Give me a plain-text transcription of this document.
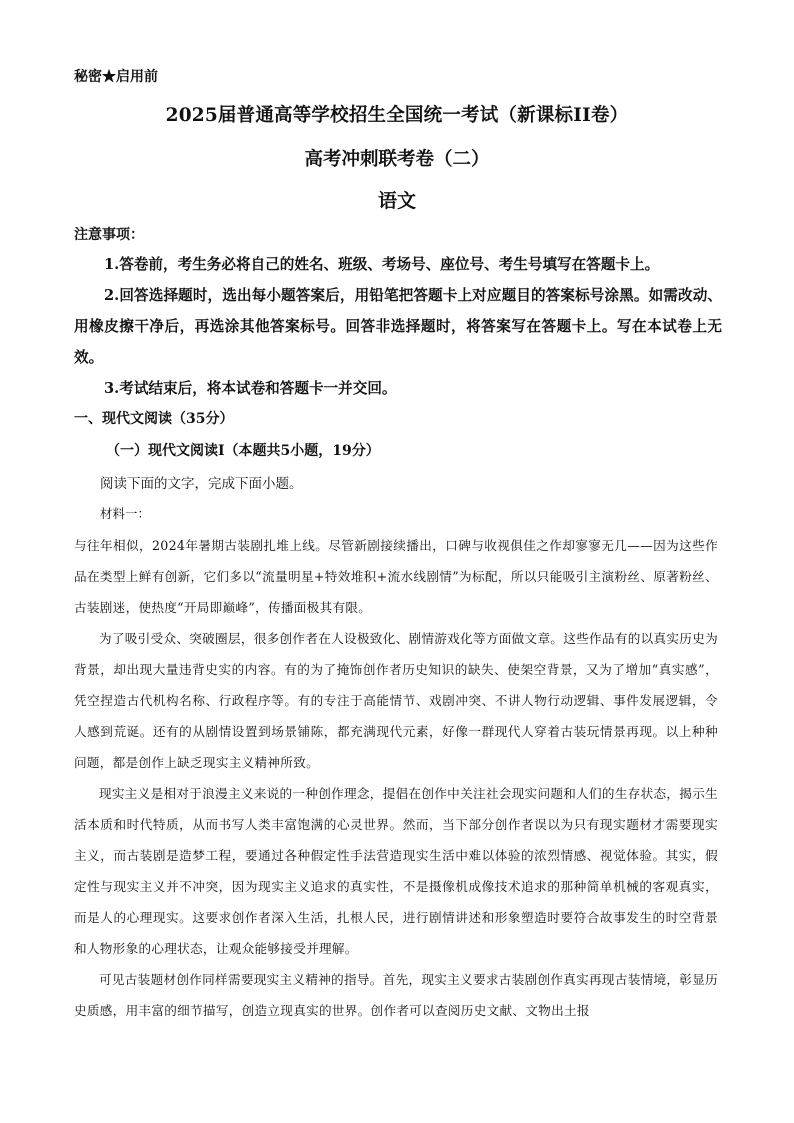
秘密★启用前
2025届普通高等学校招生全国统一考试（新课标II卷）
高考冲刺联考卷（二）
语文
注意事项：
1.答卷前，考生务必将自己的姓名、班级、考场号、座位号、考生号填写在答题卡上。
2.回答选择题时，选出每小题答案后，用铅笔把答题卡上对应题目的答案标号涂黑。如需改动、用橡皮擦干净后，再选涂其他答案标号。回答非选择题时，将答案写在答题卡上。写在本试卷上无效。
3.考试结束后，将本试卷和答题卡一并交回。
一、现代文阅读（35分）
（一）现代文阅读Ⅰ（本题共5小题，19分）
阅读下面的文字，完成下面小题。
材料一：
与往年相似，2024年暑期古装剧扎堆上线。尽管新剧接续播出，口碑与收视俱佳之作却寥寥无几——因为这些作品在类型上鲜有创新，它们多以“流量明星+特效堆积+流水线剧情”为标配，所以只能吸引主演粉丝、原著粉丝、古装剧迷，使热度“开局即巅峰”，传播面极其有限。
为了吸引受众、突破圈层，很多创作者在人设极致化、剧情游戏化等方面做文章。这些作品有的以真实历史为背景，却出现大量违背史实的内容。有的为了掩饰创作者历史知识的缺失、使架空背景，又为了增加“真实感”，凭空捏造古代机构名称、行政程序等。有的专注于高能情节、戏剧冲突、不讲人物行动逻辑、事件发展逻辑，令人感到荒诞。还有的从剧情设置到场景铺陈，都充满现代元素，好像一群现代人穿着古装玩情景再现。以上种种问题，都是创作上缺乏现实主义精神所致。
现实主义是相对于浪漫主义来说的一种创作理念，提倡在创作中关注社会现实问题和人们的生存状态，揭示生活本质和时代特质，从而书写人类丰富饱满的心灵世界。然而，当下部分创作者误以为只有现实题材才需要现实主义，而古装剧是造梦工程，要通过各种假定性手法营造现实生活中难以体验的浓烈情感、视觉体验。其实，假定性与现实主义并不冲突，因为现实主义追求的真实性，不是摄像机成像技术追求的那种简单机械的客观真实，而是人的心理现实。这要求创作者深入生活，扎根人民，进行剧情讲述和形象塑造时要符合故事发生的时空背景和人物形象的心理状态，让观众能够接受并理解。
可见古装题材创作同样需要现实主义精神的指导。首先，现实主义要求古装剧创作真实再现古装情境，彰显历史质感，用丰富的细节描写，创造立现真实的世界。创作者可以查阅历史文献、文物出土报
